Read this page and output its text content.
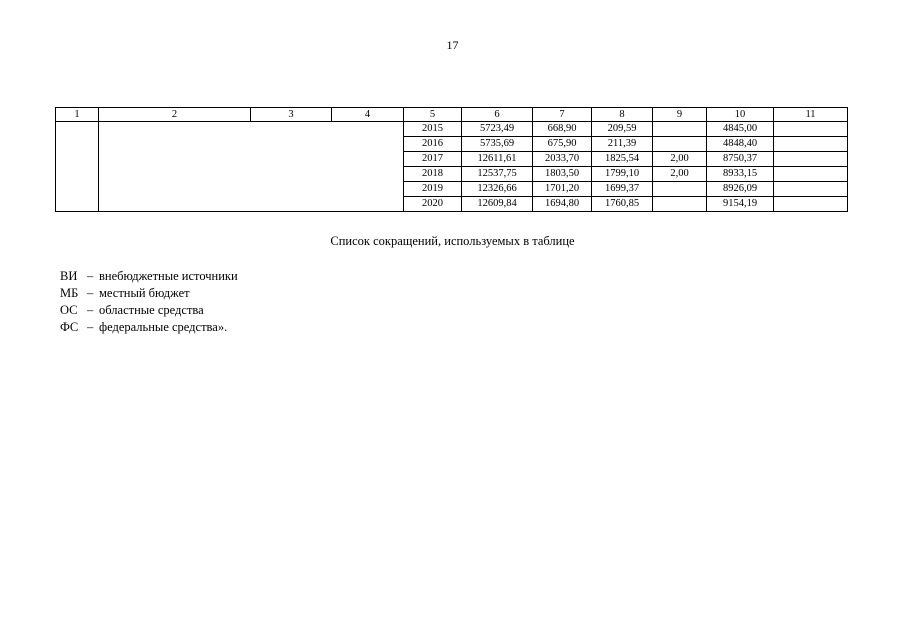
17
1	2	3	4	5	6	7	8	9	10	11
				2015	5723,49	668,90	209,59		4845,00	
				2016	5735,69	675,90	211,39		4848,40	
				2017	12611,61	2033,70	1825,54	2,00	8750,37	
				2018	12537,75	1803,50	1799,10	2,00	8933,15	
				2019	12326,66	1701,20	1699,37		8926,09	
				2020	12609,84	1694,80	1760,85		9154,19	
Список сокращений, используемых в таблице
ВИ – внебюджетные источники
МБ – местный бюджет
ОС – областные средства
ФС – федеральные средства».
